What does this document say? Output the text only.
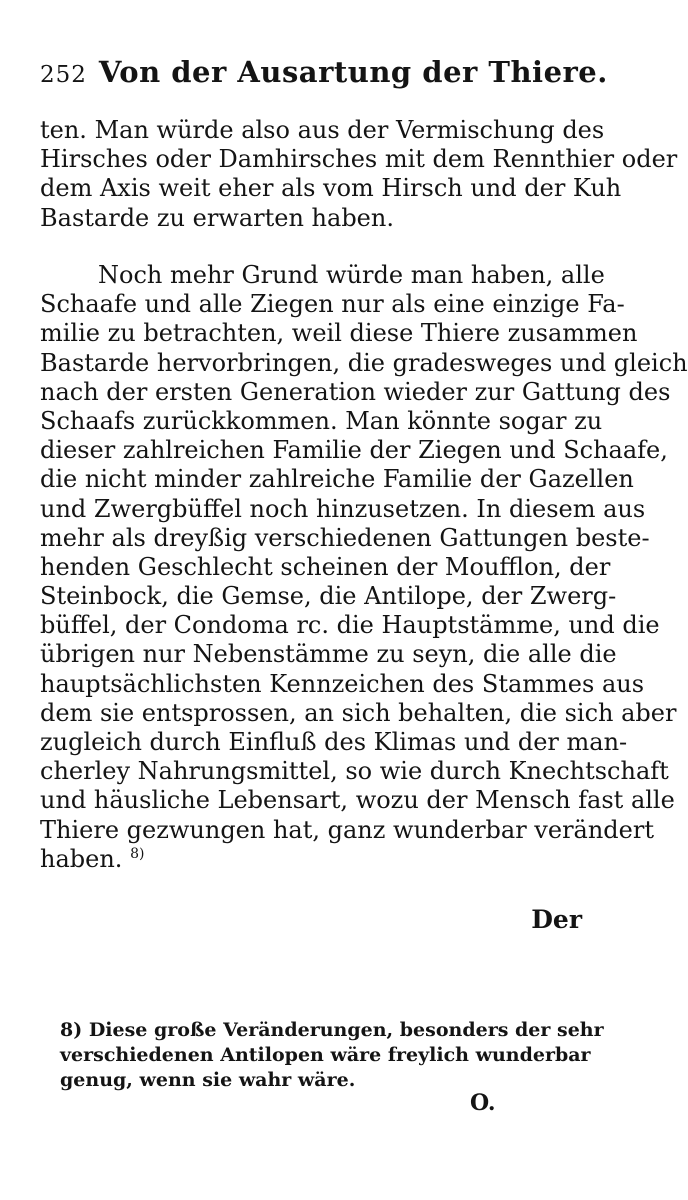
252 Von der Ausartung der Thiere.
ten. Man würde also aus der Vermischung des
Hirsches oder Damhirsches mit dem Rennthier oder
dem Axis weit eher als vom Hirsch und der Kuh
Bastarde zu erwarten haben.
Noch mehr Grund würde man haben, alle
Schaafe und alle Ziegen nur als eine einzige Fa-
milie zu betrachten, weil diese Thiere zusammen
Bastarde hervorbringen, die gradesweges und gleich
nach der ersten Generation wieder zur Gattung des
Schaafs zurückkommen. Man könnte sogar zu
dieser zahlreichen Familie der Ziegen und Schaafe,
die nicht minder zahlreiche Familie der Gazellen
und Zwergbüffel noch hinzusetzen. In diesem aus
mehr als dreyßig verschiedenen Gattungen beste-
henden Geschlecht scheinen der Moufflon, der
Steinbock, die Gemse, die Antilope, der Zwerg-
büffel, der Condoma rc. die Hauptstämme, und die
übrigen nur Nebenstämme zu seyn, die alle die
hauptsächlichsten Kennzeichen des Stammes aus
dem sie entsprossen, an sich behalten, die sich aber
zugleich durch Einfluß des Klimas und der man-
cherley Nahrungsmittel, so wie durch Knechtschaft
und häusliche Lebensart, wozu der Mensch fast alle
Thiere gezwungen hat, ganz wunderbar verändert
haben. $^{8)}$
Der
8) Diese große Veränderungen, besonders der sehr
verschiedenen Antilopen wäre freylich wunderbar
genug, wenn sie wahr wäre.
O.
